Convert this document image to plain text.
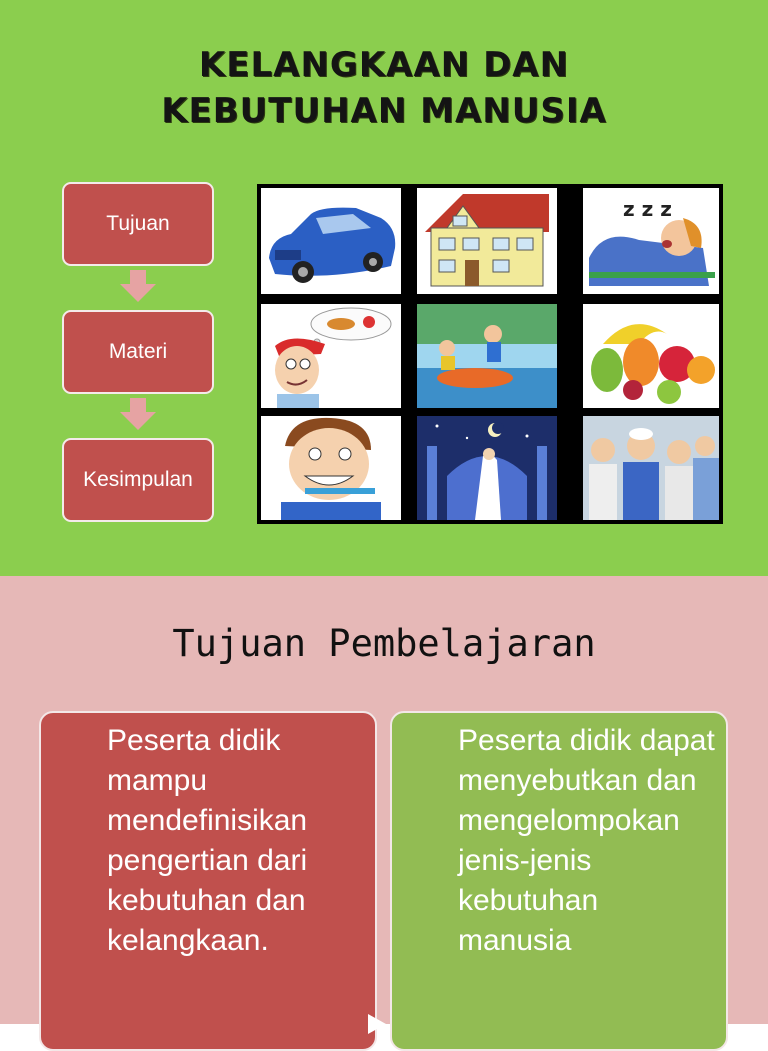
KELANGKAAN DAN
KEBUTUHAN MANUSIA
Tujuan
Materi
Kesimpulan
z z z
Tujuan Pembelajaran
Peserta didik mampu mendefinisikan pengertian dari kebutuhan dan kelangkaan.
Peserta didik dapat menyebutkan dan mengelompokan jenis-jenis kebutuhan manusia
